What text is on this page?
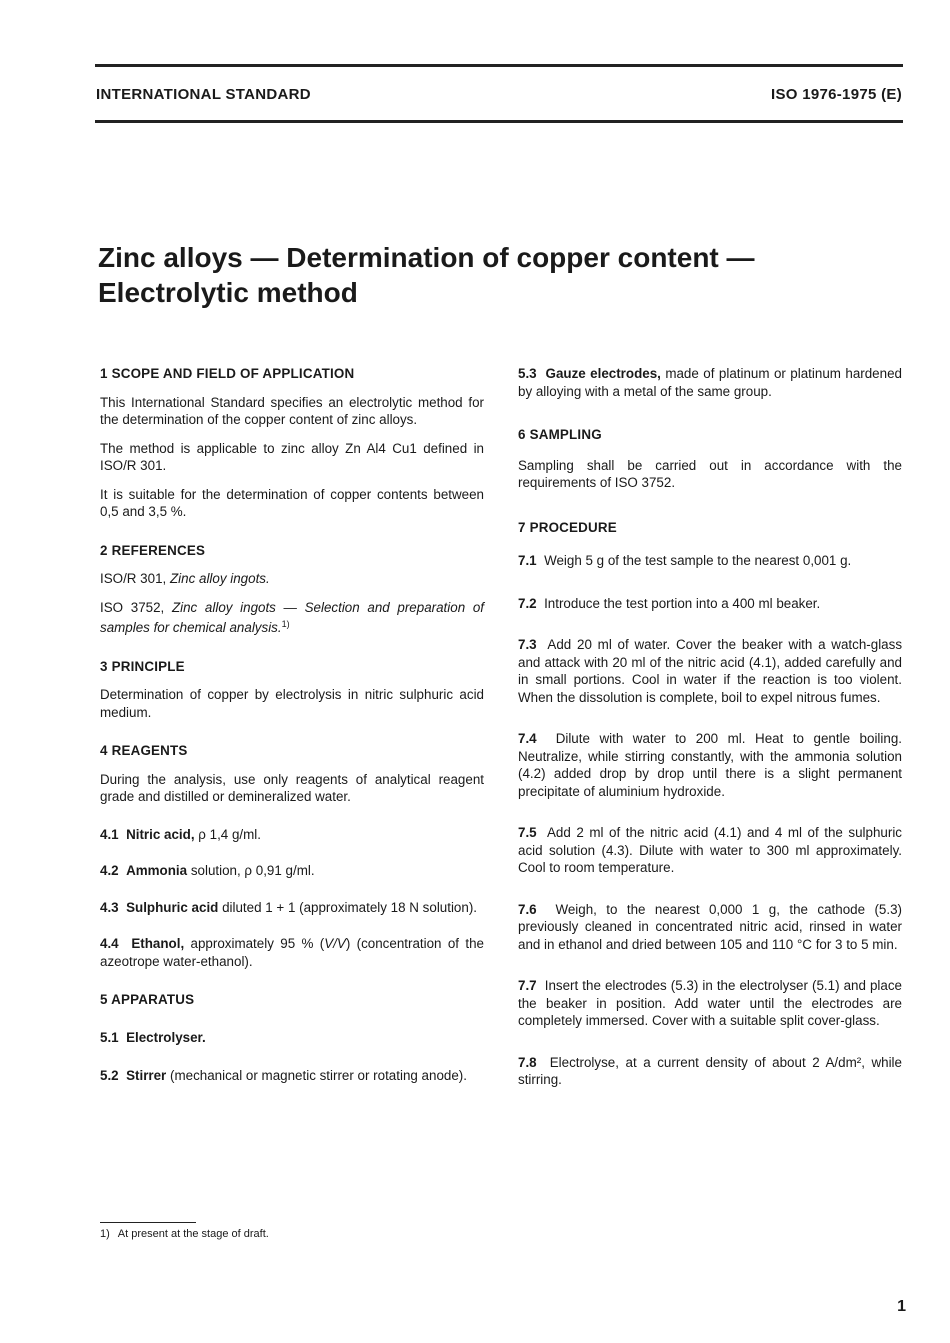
INTERNATIONAL STANDARD	ISO 1976-1975 (E)
Zinc alloys — Determination of copper content —
Electrolytic method
1 SCOPE AND FIELD OF APPLICATION

This International Standard specifies an electrolytic method for the determination of the copper content of zinc alloys.

The method is applicable to zinc alloy Zn Al4 Cu1 defined in ISO/R 301.

It is suitable for the determination of copper contents between 0,5 and 3,5 %.

2 REFERENCES

ISO/R 301, Zinc alloy ingots.

ISO 3752, Zinc alloy ingots — Selection and preparation of samples for chemical analysis.$^{1)}$

3 PRINCIPLE

Determination of copper by electrolysis in nitric sulphuric acid medium.

4 REAGENTS

During the analysis, use only reagents of analytical reagent grade and distilled or demineralized water.

4.1 Nitric acid, ρ 1,4 g/ml.

4.2 Ammonia solution, ρ 0,91 g/ml.

4.3 Sulphuric acid diluted 1 + 1 (approximately 18 N solution).

4.4 Ethanol, approximately 95 % (V/V) (concentration of the azeotrope water-ethanol).

5 APPARATUS

5.1 Electrolyser.

5.2 Stirrer (mechanical or magnetic stirrer or rotating anode).

5.3 Gauze electrodes, made of platinum or platinum hardened by alloying with a metal of the same group.

6 SAMPLING

Sampling shall be carried out in accordance with the requirements of ISO 3752.

7 PROCEDURE

7.1 Weigh 5 g of the test sample to the nearest 0,001 g.

7.2 Introduce the test portion into a 400 ml beaker.

7.3 Add 20 ml of water. Cover the beaker with a watch-glass and attack with 20 ml of the nitric acid (4.1), added carefully and in small portions. Cool in water if the reaction is too violent. When the dissolution is complete, boil to expel nitrous fumes.

7.4 Dilute with water to 200 ml. Heat to gentle boiling. Neutralize, while stirring constantly, with the ammonia solution (4.2) added drop by drop until there is a slight permanent precipitate of aluminium hydroxide.

7.5 Add 2 ml of the nitric acid (4.1) and 4 ml of the sulphuric acid solution (4.3). Dilute with water to 300 ml approximately. Cool to room temperature.

7.6 Weigh, to the nearest 0,000 1 g, the cathode (5.3) previously cleaned in concentrated nitric acid, rinsed in water and in ethanol and dried between 105 and 110 °C for 3 to 5 min.

7.7 Insert the electrodes (5.3) in the electrolyser (5.1) and place the beaker in position. Add water until the electrodes are completely immersed. Cover with a suitable split cover-glass.

7.8 Electrolyse, at a current density of about 2 A/dm², while stirring.

1) At present at the stage of draft.
1
